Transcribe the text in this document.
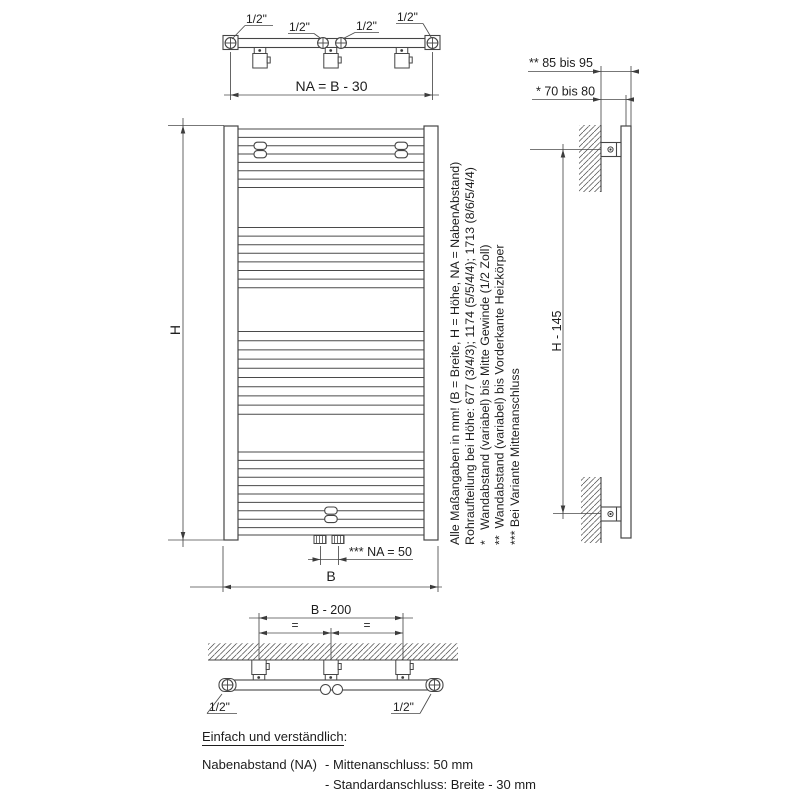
1/2"
1/2"	1/2"
1/2"
NA = B - 30
H
B
*** NA = 50
Alle Maßangaben in mm! (B = Breite, H = Höhe, NA = NabenAbstand) Rohraufteilung bei Höhe: 677 (3/4/3); 1174 (5/5/4/4); 1713 (8/6/5/4/4) *   Wandabstand (variabel) bis Mitte Gewinde (1/2 Zoll) **  Wandabstand (variabel) bis Vorderkante Heizkörper *** Bei Variante Mittenanschluss
** 85 bis 95
* 70 bis 80
H - 145
B - 200
=	=
1/2"	1/2"
Einfach und verständlich:
Nabenabstand (NA) - Mittenanschluss: 50 mm
- Standardanschluss: Breite - 30 mm
